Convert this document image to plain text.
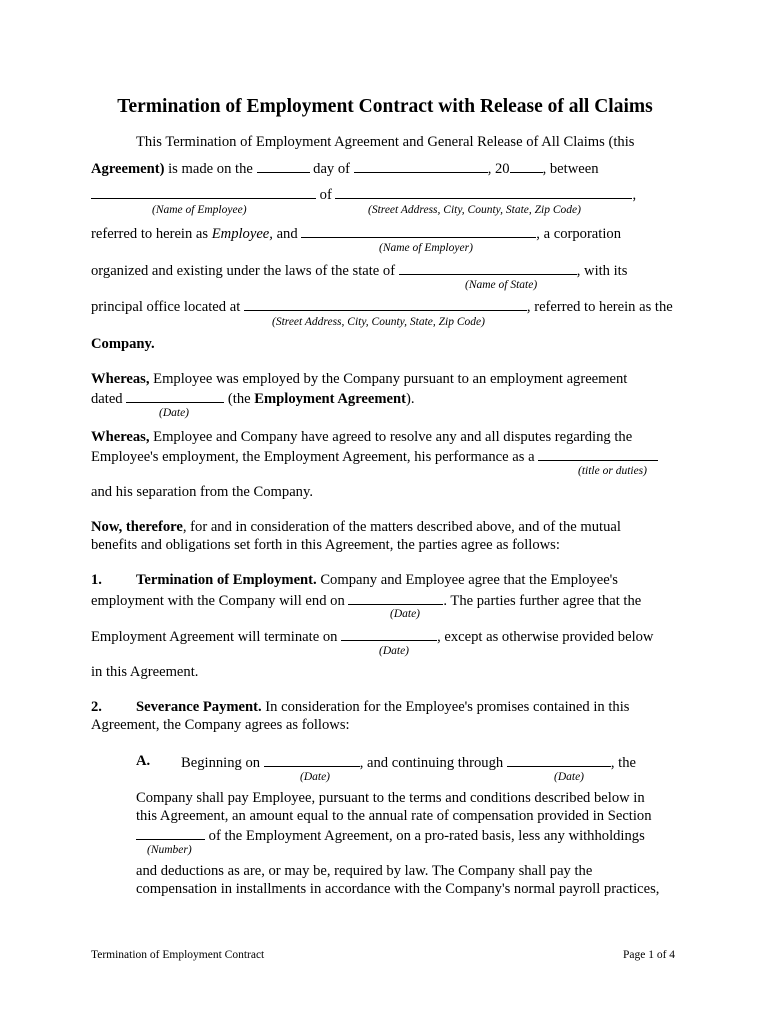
Termination of Employment Contract with Release of all Claims
This Termination of Employment Agreement and General Release of All Claims (this
Agreement) is made on the	day of	, 20 , between
of	,
(Name of Employee)	(Street Address, City, County, State, Zip Code)
referred to herein as Employee, and	, a corporation
(Name of Employer)
organized and existing under the laws of the state of	, with its
(Name of State)
principal office located at	, referred to herein as the
(Street Address, City, County, State, Zip Code)
Company.
Whereas, Employee was employed by the Company pursuant to an employment agreement
dated	(the Employment Agreement).
(Date)
Whereas, Employee and Company have agreed to resolve any and all disputes regarding the
Employee's employment, the Employment Agreement, his performance as a
(title or duties)
and his separation from the Company.
Now, therefore, for and in consideration of the matters described above, and of the mutual
benefits and obligations set forth in this Agreement, the parties agree as follows:
1. Termination of Employment. Company and Employee agree that the Employee's
employment with the Company will end on	. The parties further agree that the
(Date)
Employment Agreement will terminate on	, except as otherwise provided below
(Date)
in this Agreement.
2. Severance Payment. In consideration for the Employee's promises contained in this
Agreement, the Company agrees as follows:
A. Beginning on	, and continuing through	, the
(Date)	(Date)
Company shall pay Employee, pursuant to the terms and conditions described below in
this Agreement, an amount equal to the annual rate of compensation provided in Section
of the Employment Agreement, on a pro-rated basis, less any withholdings
(Number)
and deductions as are, or may be, required by law. The Company shall pay the
compensation in installments in accordance with the Company's normal payroll practices,
Termination of Employment Contract	Page 1 of 4
